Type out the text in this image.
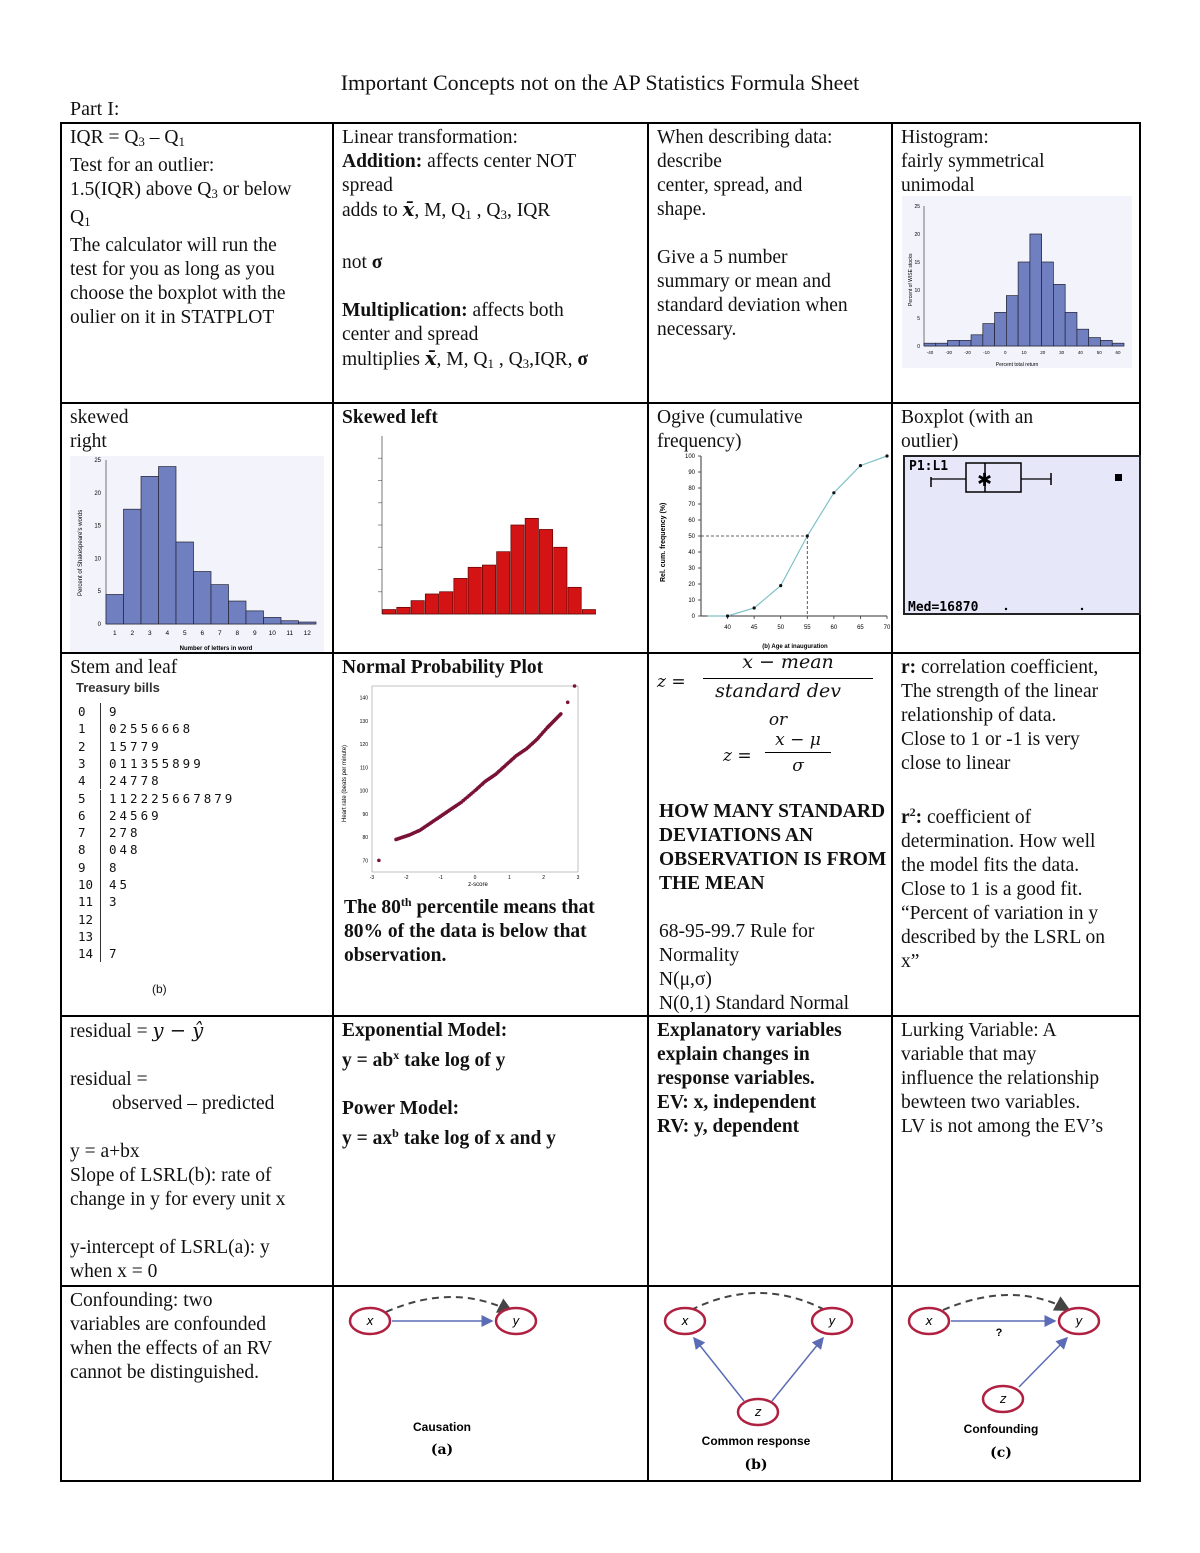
Important Concepts not on the AP Statistics Formula Sheet
Part I:

IQR = $Q_3 - Q_1$

Test for an outlier:

1.5(IQR) above $Q_3$ or below

$Q_1$

The calculator will run the

test for you as long as you

choose the boxplot with the

oulier on it in STATPLOT

Linear transformation:

Addition: affects center NOT

spread

adds to x̄, M, $Q_1$ , $Q_3$, IQR

not σ

Multiplication: affects both

center and spread

multiplies x̄, M, $Q_1$ , $Q_3,IQR$, σ

When describing data:

describe

center, spread, and

shape.

Give a 5 number

summary or mean and

standard deviation when

necessary.

Histogram:

fairly symmetrical

unimodal

skewed

right

Skewed left	Ogive (cumulative

frequency)

Boxplot (with an

outlier)

Stem and leaf	Normal Probability Plot

The 80th percentile means that

80% of the data is below that

observation.

z =
x − mean
standard dev
or
z =
x − μ
σ

HOW MANY STANDARD

DEVIATIONS AN

OBSERVATION IS FROM

THE MEAN

68-95-99.7 Rule for

Normality

N(μ,σ)

N(0,1) Standard Normal

r: correlation coefficient,

The strength of the linear

relationship of data.

Close to 1 or -1 is very

close to linear

$r^2$: coefficient of

determination. How well

the model fits the data.

Close to 1 is a good fit.

“Percent of variation in y

described by the LSRL on

x”

residual = y − ŷ

residual =

observed – predicted

y = a+bx

Slope of LSRL(b): rate of

change in y for every unit x

y-intercept of LSRL(a): y

when x = 0

Exponential Model:

$y = ab^x$ take log of y

Power Model:

$y = ax^b$ take log of x and y

Explanatory variables

explain changes in

response variables.

EV: x, independent

RV: y, dependent

Lurking Variable: A

variable that may

influence the relationship

bewteen two variables.

LV is not among the EV’s

Confounding: two

variables are confounded

when the effects of an RV

cannot be distinguished.

Percent of WISE stocks
Percent total return
0
5
10
15
20
25
-40	-30	-20	-10	0	10	20	30	40	50	60
Percent of Shakespeare's words
Number of letters in word
0
5
10
15
20
25
1 2 3 4 5 6 7 8 9 10 11 12
Rel. cum. frequency (%)
(b) Age at inauguration
0
10
20
30
40
50
60
70
80
90
100
40	45	50	55	60	65	70
P1:L1
✱
Med=16870
Treasury bills
0 9
1 02556668
2 15779
3 011355899
4 24778
5 112225667879
6 24569
7 278
8 048
9 8
10 45
11 3
12
13
14 7
(b)
Heart rate (beats per minute)
z-score
70
80
90
100
110
120
130
140
-3	-2	-1	0	1	2	3
x	y
Causation
(a)
x	y
z
Common response
(b)
x	y
?
z
Confounding
(c)
